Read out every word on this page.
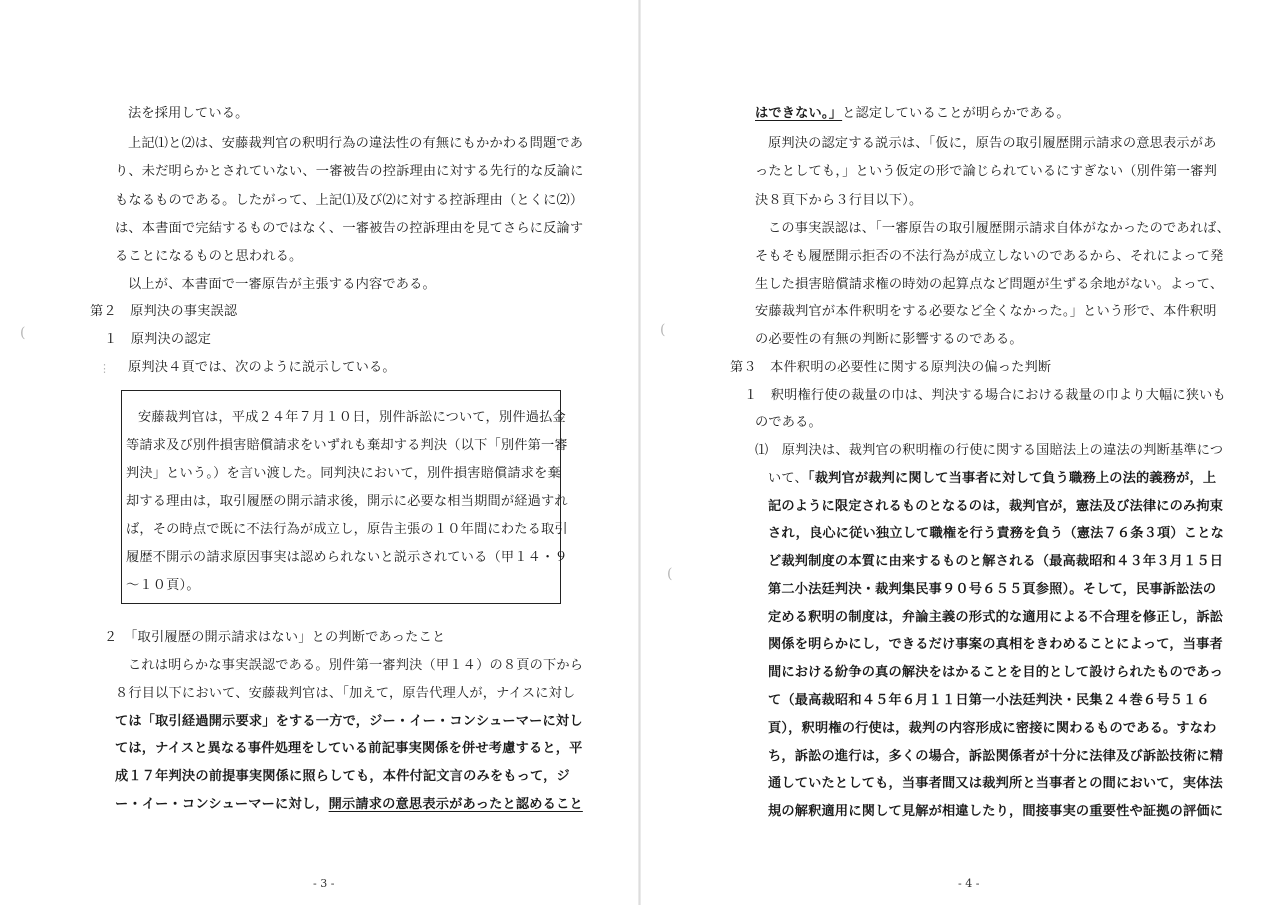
法を採用している。
上記⑴と⑵は、安藤裁判官の釈明行為の違法性の有無にもかかわる問題であ
り、未だ明らかとされていない、一審被告の控訴理由に対する先行的な反論に
もなるものである。したがって、上記⑴及び⑵に対する控訴理由（とくに⑵）
は、本書面で完結するものではなく、一審被告の控訴理由を見てさらに反論す
ることになるものと思われる。
以上が、本書面で一審原告が主張する内容である。
第２　原判決の事実誤認
１　原判決の認定
原判決４頁では、次のように説示している。
安藤裁判官は，平成２４年７月１０日，別件訴訟について，別件過払金
等請求及び別件損害賠償請求をいずれも棄却する判決（以下「別件第一審
判決」という。）を言い渡した。同判決において，別件損害賠償請求を棄
却する理由は，取引履歴の開示請求後，開示に必要な相当期間が経過すれ
ば，その時点で既に不法行為が成立し，原告主張の１０年間にわたる取引
履歴不開示の請求原因事実は認められないと説示されている（甲１４・９
～１０頁）。
２　「取引履歴の開示請求はない」との判断であったこと
これは明らかな事実誤認である。別件第一審判決（甲１４）の８頁の下から
８行目以下において、安藤裁判官は、「加えて，原告代理人が，ナイスに対し
ては「取引経過開示要求」をする一方で，ジー・イー・コンシューマーに対し
ては，ナイスと異なる事件処理をしている前記事実関係を併せ考慮すると，平
成１７年判決の前提事実関係に照らしても，本件付記文言のみをもって，ジ
ー・イー・コンシューマーに対し，開示請求の意思表示があったと認めること
- 3 -
(
⋮
はできない。」と認定していることが明らかである。
原判決の認定する説示は、「仮に，原告の取引履歴開示請求の意思表示があ
ったとしても，」という仮定の形で論じられているにすぎない（別件第一審判
決８頁下から３行目以下）。
この事実誤認は、「一審原告の取引履歴開示請求自体がなかったのであれば、
そもそも履歴開示拒否の不法行為が成立しないのであるから、それによって発
生した損害賠償請求権の時効の起算点など問題が生ずる余地がない。よって、
安藤裁判官が本件釈明をする必要など全くなかった。」という形で、本件釈明
の必要性の有無の判断に影響するのである。
第３　本件釈明の必要性に関する原判決の偏った判断
１　釈明権行使の裁量の巾は、判決する場合における裁量の巾より大幅に狭いも
のである。
⑴　原判決は、裁判官の釈明権の行使に関する国賠法上の違法の判断基準につ
いて、「裁判官が裁判に関して当事者に対して負う職務上の法的義務が，上
記のように限定されるものとなるのは，裁判官が，憲法及び法律にのみ拘束
され，良心に従い独立して職権を行う責務を負う（憲法７６条３項）ことな
ど裁判制度の本質に由来するものと解される（最高裁昭和４３年３月１５日
第二小法廷判決・裁判集民事９０号６５５頁参照）。そして，民事訴訟法の
定める釈明の制度は，弁論主義の形式的な適用による不合理を修正し，訴訟
関係を明らかにし，できるだけ事案の真相をきわめることによって，当事者
間における紛争の真の解決をはかることを目的として設けられたものであっ
て（最高裁昭和４５年６月１１日第一小法廷判決・民集２４巻６号５１６
頁），釈明権の行使は，裁判の内容形成に密接に関わるものである。すなわ
ち，訴訟の進行は，多くの場合，訴訟関係者が十分に法律及び訴訟技術に精
通していたとしても，当事者間又は裁判所と当事者との間において，実体法
規の解釈適用に関して見解が相違したり，間接事実の重要性や証拠の評価に
- 4 -
(
(
